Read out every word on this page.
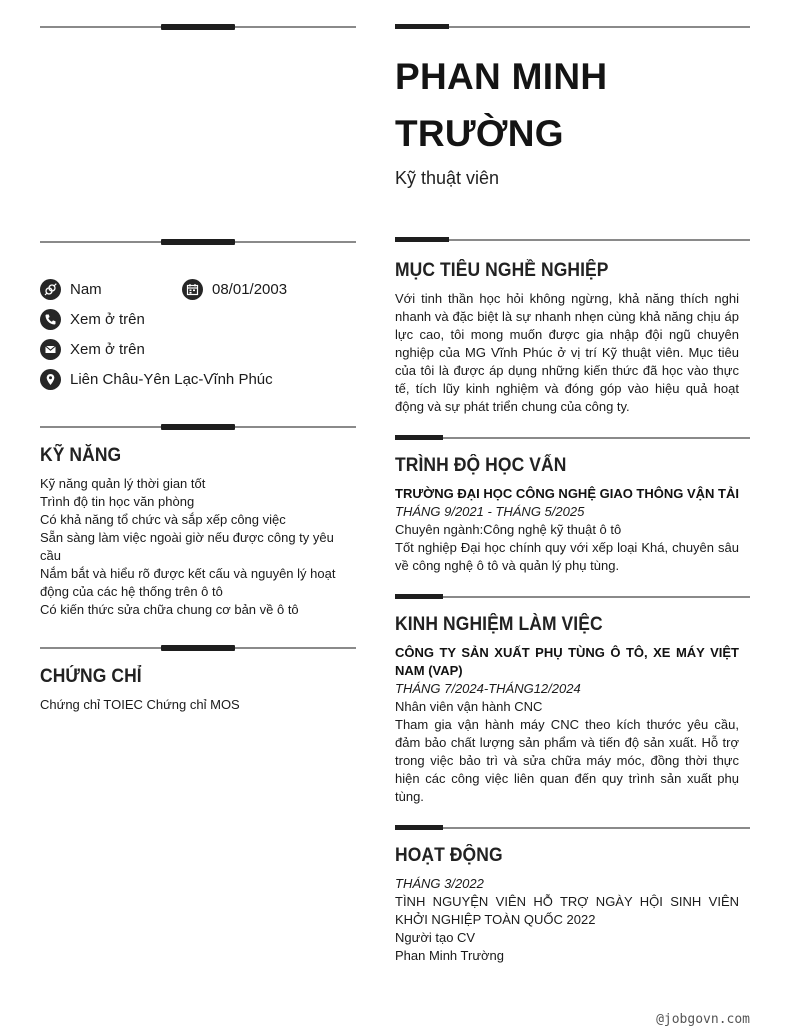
Nam	08/01/2003
Xem ở trên
Xem ở trên
Liên Châu-Yên Lạc-Vĩnh Phúc
KỸ NĂNG
Kỹ năng quản lý thời gian tốt
Trình độ tin học văn phòng
Có khả năng tổ chức và sắp xếp công việc
Sẵn sàng làm việc ngoài giờ nếu được công ty yêu cầu
Nắm bắt và hiểu rõ được kết cấu và nguyên lý hoạt động của các hệ thống trên ô tô
Có kiến thức sửa chữa chung cơ bản về ô tô
CHỨNG CHỈ

Chứng chỉ TOIEC Chứng chỉ MOS

PHAN MINH
TRƯỜNG
Kỹ thuật viên
MỤC TIÊU NGHỀ NGHIỆP

Với tinh thần học hỏi không ngừng, khả năng thích nghi nhanh và đặc biệt là sự nhanh nhẹn cùng khả năng chịu áp lực cao, tôi mong muốn được gia nhập đội ngũ chuyên nghiệp của MG Vĩnh Phúc ở vị trí Kỹ thuật viên. Mục tiêu của tôi là được áp dụng những kiến thức đã học vào thực tế, tích lũy kinh nghiệm và đóng góp vào hiệu quả hoạt động và sự phát triển chung của công ty.

TRÌNH ĐỘ HỌC VẤN

TRƯỜNG ĐẠI HỌC CÔNG NGHỆ GIAO THÔNG VẬN TẢI

THÁNG 9/2021 - THÁNG 5/2025

Chuyên ngành:Công nghệ kỹ thuật ô tô

Tốt nghiệp Đại học chính quy với xếp loại Khá, chuyên sâu về công nghệ ô tô và quản lý phụ tùng.

KINH NGHIỆM LÀM VIỆC

CÔNG TY SẢN XUẤT PHỤ TÙNG Ô TÔ, XE MÁY VIỆT NAM (VAP)

THÁNG 7/2024-THÁNG12/2024

Nhân viên vận hành CNC

Tham gia vận hành máy CNC theo kích thước yêu cầu, đảm bảo chất lượng sản phẩm và tiến độ sản xuất. Hỗ trợ trong việc bảo trì và sửa chữa máy móc, đồng thời thực hiện các công việc liên quan đến quy trình sản xuất phụ tùng.

HOẠT ĐỘNG

THÁNG 3/2022

TÌNH NGUYỆN VIÊN HỖ TRỢ NGÀY HỘI SINH VIÊN KHỞI NGHIỆP TOÀN QUỐC 2022

Người tạo CV

Phan Minh Trường

@jobgovn.com
